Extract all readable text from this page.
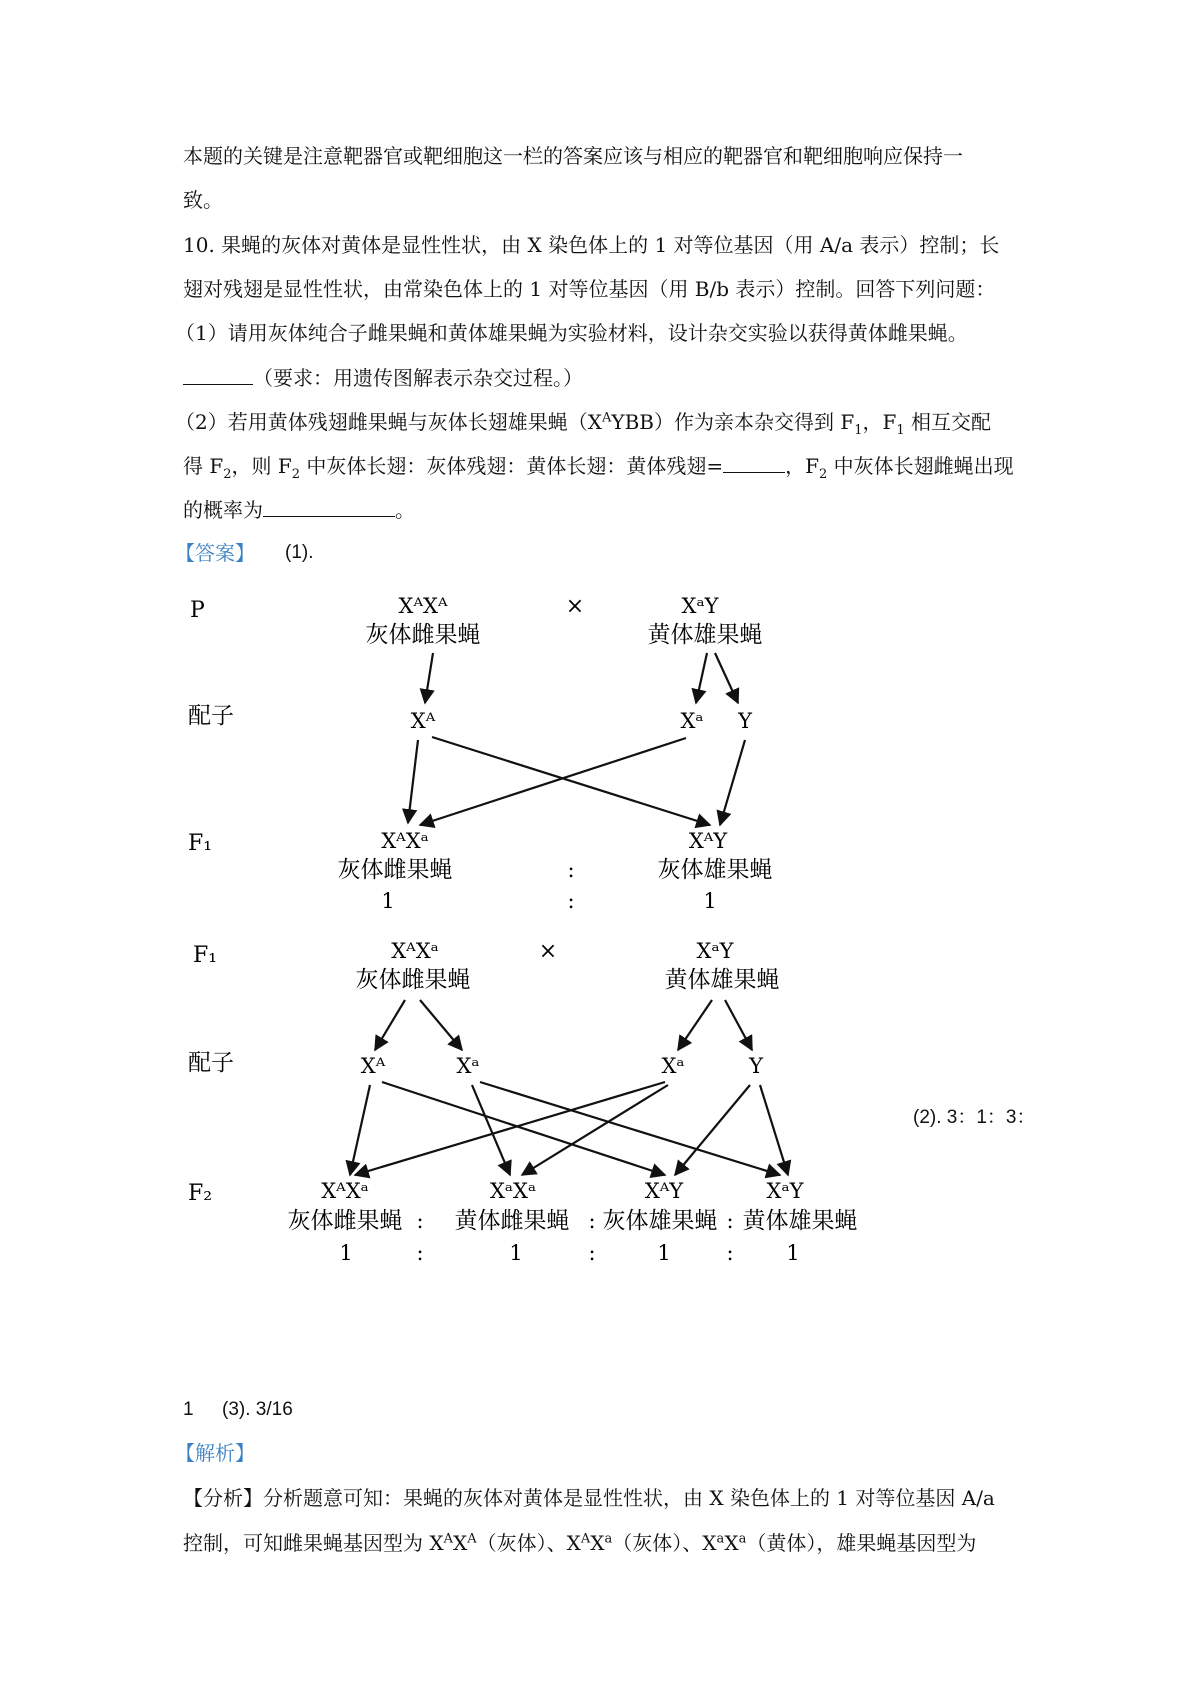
本题的关键是注意靶器官或靶细胞这一栏的答案应该与相应的靶器官和靶细胞响应保持一
致。
10. 果蝇的灰体对黄体是显性性状，由 X 染色体上的 1 对等位基因（用 A/a 表示）控制；长
翅对残翅是显性性状，由常染色体上的 1 对等位基因（用 B/b 表示）控制。回答下列问题：
（1）请用灰体纯合子雌果蝇和黄体雄果蝇为实验材料，设计杂交实验以获得黄体雌果蝇。
（要求：用遗传图解表示杂交过程。）
（2）若用黄体残翅雌果蝇与灰体长翅雄果蝇$(X^AYBB)$作为亲本杂交得到 $F_1$，$F_1$ 相互交配
得 $F_2$，则 $F_2$ 中灰体长翅：灰体残翅：黄体长翅：黄体残翅=	，$F_2$ 中灰体长翅雌蝇出现
的概率为	。
【答案】 (1).
P
配子
F₁
XᴬXᴬ
灰体雌果蝇
×	XᵃY
黄体雄果蝇
Xᴬ	Xᵃ Y
XᴬXᵃ
灰体雌果蝇
1
:
:
XᴬY
灰体雄果蝇
1
F₁
配子
F₂
XᴬXᵃ
灰体雌果蝇
×	XᵃY
黄体雄果蝇
Xᴬ	Xᵃ	Xᵃ	Y
XᴬXᵃ
灰体雌果蝇
1
:
:
XᵃXᵃ
黄体雌果蝇
1
:
:
XᴬY
灰体雄果蝇
1
:
:
XᵃY
黄体雄果蝇
1
(2). 3：1：3：
1 (3). 3/16
【解析】
【分析】分析题意可知：果蝇的灰体对黄体是显性性状，由 X 染色体上的 1 对等位基因 A/a
控制，可知雌果蝇基因型为 $X^AX^A$（灰体）、$X^AX^a$（灰体）、$X^aX^a$（黄体），雄果蝇基因型为
